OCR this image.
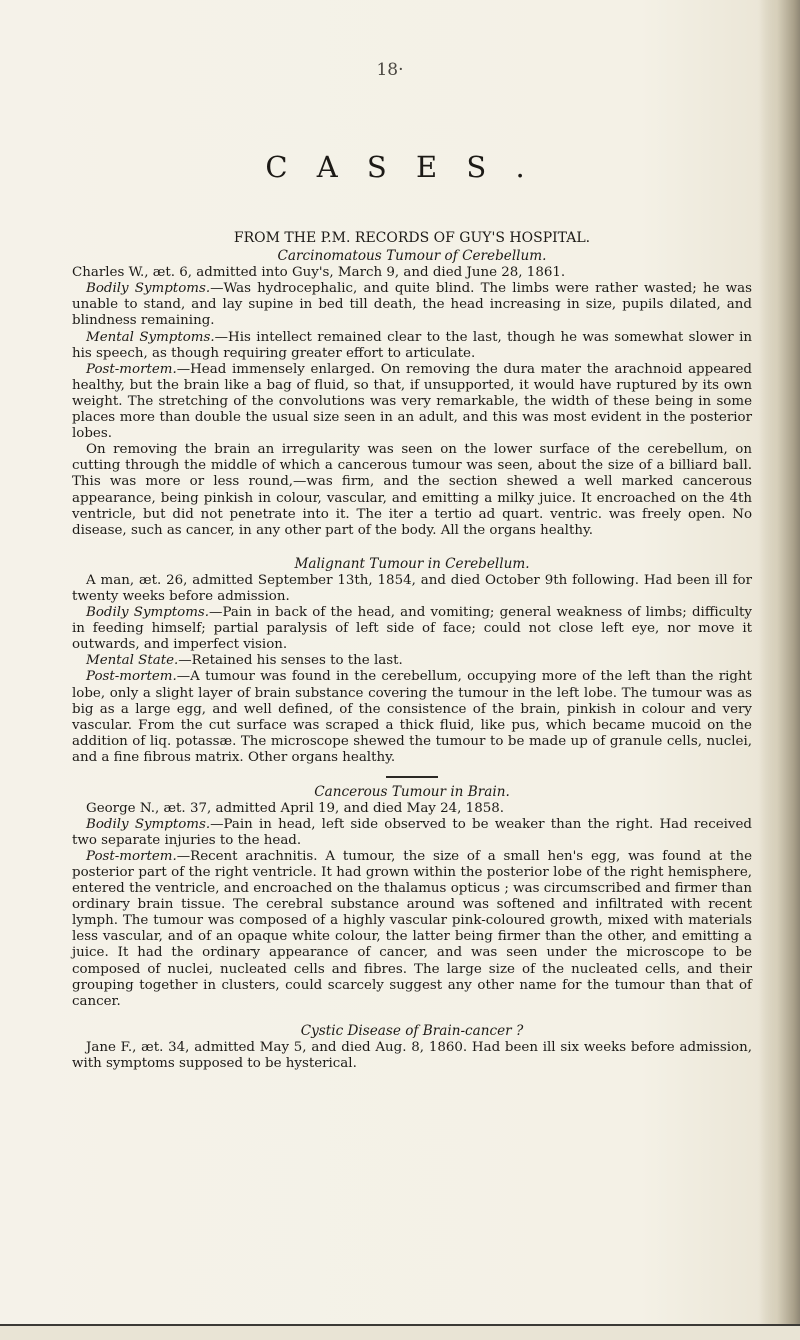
18·
C A S E S .
FROM THE P.M. RECORDS OF GUY'S HOSPITAL.
Carcinomatous Tumour of Cerebellum.

Charles W., æt. 6, admitted into Guy's, March 9, and died June 28, 1861.

Bodily Symptoms.—Was hydrocephalic, and quite blind. The limbs were rather wasted; he was unable to stand, and lay supine in bed till death, the head increasing in size, pupils dilated, and blindness remaining.

Mental Symptoms.—His intellect remained clear to the last, though he was somewhat slower in his speech, as though requiring greater effort to articulate.

Post-mortem.—Head immensely enlarged. On removing the dura mater the arachnoid appeared healthy, but the brain like a bag of fluid, so that, if unsupported, it would have ruptured by its own weight. The stretching of the convolutions was very remarkable, the width of these being in some places more than double the usual size seen in an adult, and this was most evident in the posterior lobes.

On removing the brain an irregularity was seen on the lower surface of the cerebellum, on cutting through the middle of which a cancerous tumour was seen, about the size of a billiard ball. This was more or less round,—was firm, and the section shewed a well marked cancerous appearance, being pinkish in colour, vascular, and emitting a milky juice. It encroached on the 4th ventricle, but did not penetrate into it. The iter a tertio ad quart. ventric. was freely open. No disease, such as cancer, in any other part of the body. All the organs healthy.

Malignant Tumour in Cerebellum.

A man, æt. 26, admitted September 13th, 1854, and died October 9th following. Had been ill for twenty weeks before admission.

Bodily Symptoms.—Pain in back of the head, and vomiting; general weakness of limbs; difficulty in feeding himself; partial paralysis of left side of face; could not close left eye, nor move it outwards, and imperfect vision.

Mental State.—Retained his senses to the last.

Post-mortem.—A tumour was found in the cerebellum, occupying more of the left than the right lobe, only a slight layer of brain substance covering the tumour in the left lobe. The tumour was as big as a large egg, and well defined, of the consistence of the brain, pinkish in colour and very vascular. From the cut surface was scraped a thick fluid, like pus, which became mucoid on the addition of liq. potassæ. The microscope shewed the tumour to be made up of granule cells, nuclei, and a fine fibrous matrix. Other organs healthy.

Cancerous Tumour in Brain.

George N., æt. 37, admitted April 19, and died May 24, 1858.

Bodily Symptoms.—Pain in head, left side observed to be weaker than the right. Had received two separate injuries to the head.

Post-mortem.—Recent arachnitis. A tumour, the size of a small hen's egg, was found at the posterior part of the right ventricle. It had grown within the posterior lobe of the right hemisphere, entered the ventricle, and encroached on the thalamus opticus ; was circumscribed and firmer than ordinary brain tissue. The cerebral substance around was softened and infiltrated with recent lymph. The tumour was composed of a highly vascular pink-coloured growth, mixed with materials less vascular, and of an opaque white colour, the latter being firmer than the other, and emitting a juice. It had the ordinary appearance of cancer, and was seen under the microscope to be composed of nuclei, nucleated cells and fibres. The large size of the nucleated cells, and their grouping together in clusters, could scarcely suggest any other name for the tumour than that of cancer.

Cystic Disease of Brain-cancer ?

Jane F., æt. 34, admitted May 5, and died Aug. 8, 1860. Had been ill six weeks before admission, with symptoms supposed to be hysterical.
